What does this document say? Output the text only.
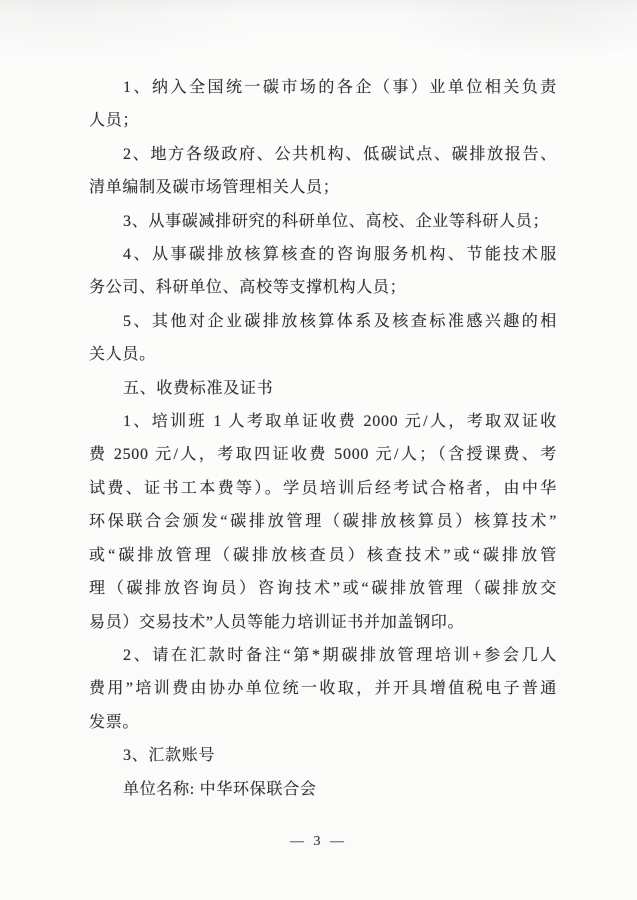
1、纳入全国统一碳市场的各企（事）业单位相关负责
人员；
2、地方各级政府、公共机构、低碳试点、碳排放报告、
清单编制及碳市场管理相关人员；
3、从事碳减排研究的科研单位、高校、企业等科研人员；
4、从事碳排放核算核查的咨询服务机构、节能技术服
务公司、科研单位、高校等支撑机构人员；
5、其他对企业碳排放核算体系及核查标准感兴趣的相
关人员。
五、收费标准及证书
1、培训班 1 人考取单证收费 2000 元/人，考取双证收
费 2500 元/人，考取四证收费 5000 元/人；（含授课费、考
试费、证书工本费等）。学员培训后经考试合格者，由中华
环保联合会颁发“碳排放管理（碳排放核算员）核算技术”
或“碳排放管理（碳排放核查员）核查技术”或“碳排放管
理（碳排放咨询员）咨询技术”或“碳排放管理（碳排放交
易员）交易技术”人员等能力培训证书并加盖钢印。
2、请在汇款时备注“第*期碳排放管理培训+参会几人
费用”培训费由协办单位统一收取，并开具增值税电子普通
发票。
3、汇款账号
单位名称: 中华环保联合会
— 3 —
